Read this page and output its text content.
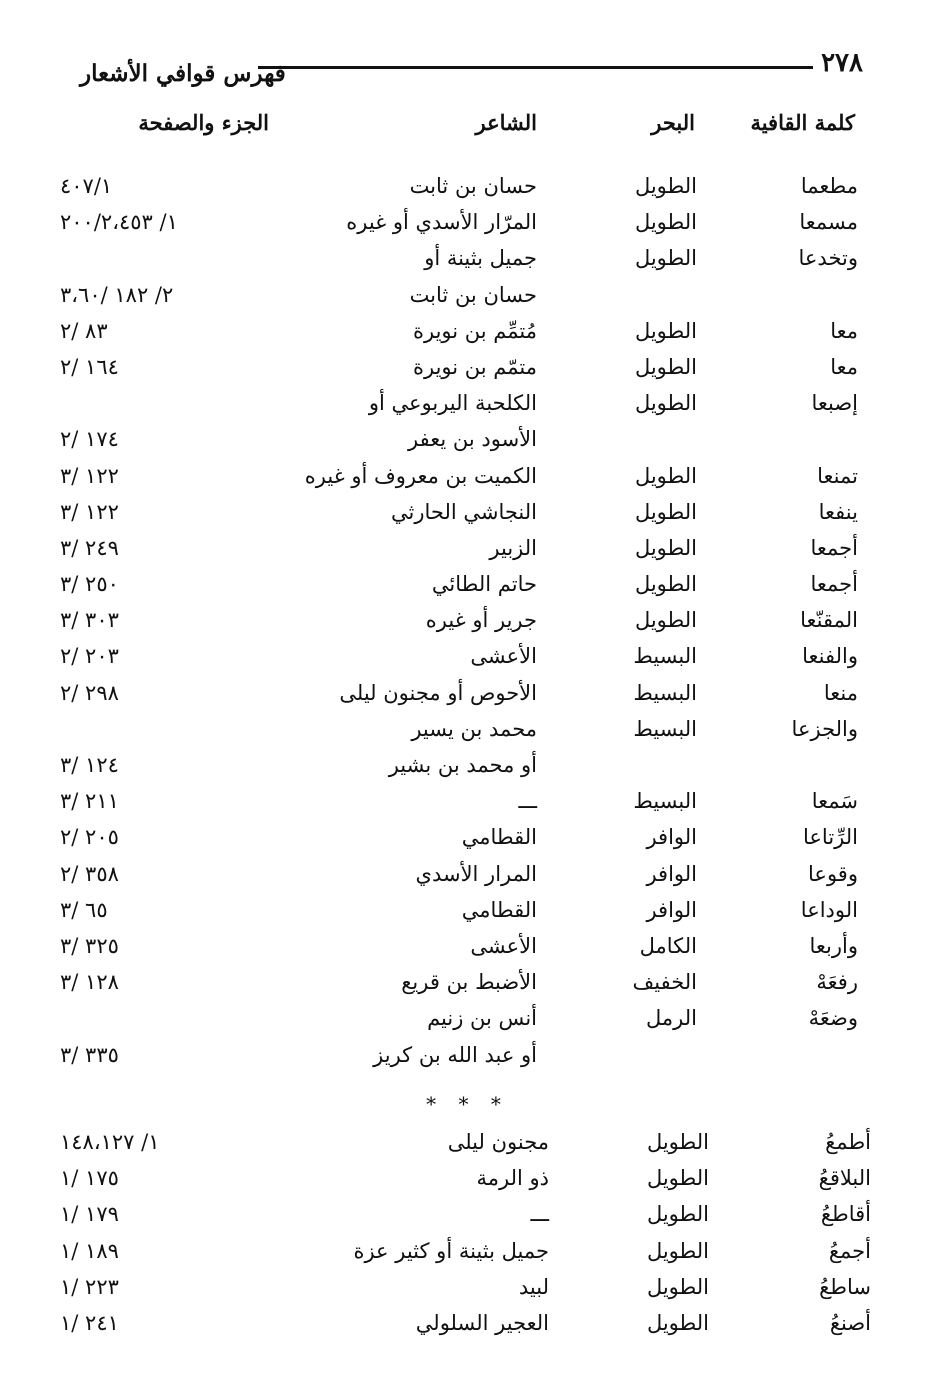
٢٧٨
فهرس قوافي الأشعار
كلمة القافية
البحر
الشاعر
الجزء والصفحة
مطعما
الطويل
حسان بن ثابت
٤٠٧/١
مسمعا
الطويل
المرّار الأسدي أو غيره
١/ ٢٠٠/٢،٤٥٣
وتخدعا
الطويل
جميل بثينة أو
حسان بن ثابت
٢/ ١٨٢ /٣،٦٠
معا
الطويل
مُتمِّم بن نويرة
٨٣ /٢
معا
الطويل
متمّم بن نويرة
١٦٤ /٢
إصبعا
الطويل
الكلحبة اليربوعي أو
الأسود بن يعفر
١٧٤ /٢
تمنعا
الطويل
الكميت بن معروف أو غيره
١٢٢ /٣
ينفعا
الطويل
النجاشي الحارثي
١٢٢ /٣
أجمعا
الطويل
الزبير
٢٤٩ /٣
أجمعا
الطويل
حاتم الطائي
٢٥٠ /٣
المقنّعا
الطويل
جرير أو غيره
٣٠٣ /٣
والفنعا
البسيط
الأعشى
٢٠٣ /٢
منعا
البسيط
الأحوص أو مجنون ليلى
٢٩٨ /٢
والجزعا
البسيط
محمد بن يسير
أو محمد بن بشير
١٢٤ /٣
سَمعا
البسيط
ـــ
٢١١ /٣
الرِّتاعا
الوافر
القطامي
٢٠٥ /٢
وقوعا
الوافر
المرار الأسدي
٣٥٨ /٢
الوداعا
الوافر
القطامي
٦٥ /٣
وأربعا
الكامل
الأعشى
٣٢٥ /٣
رفعَهْ
الخفيف
الأضبط بن قريع
١٢٨ /٣
وضعَهْ
الرمل
أنس بن زنيم
أو عبد الله بن كريز
٣٣٥ /٣
* * *
أطمعُ
الطويل
مجنون ليلى
١/ ١٤٨،١٢٧
البلاقعُ
الطويل
ذو الرمة
١٧٥ /١
أقاطعُ
الطويل
ـــ
١٧٩ /١
أجمعُ
الطويل
جميل بثينة أو كثير عزة
١٨٩ /١
ساطعُ
الطويل
لبيد
٢٢٣ /١
أصنعُ
الطويل
العجير السلولي
٢٤١ /١
